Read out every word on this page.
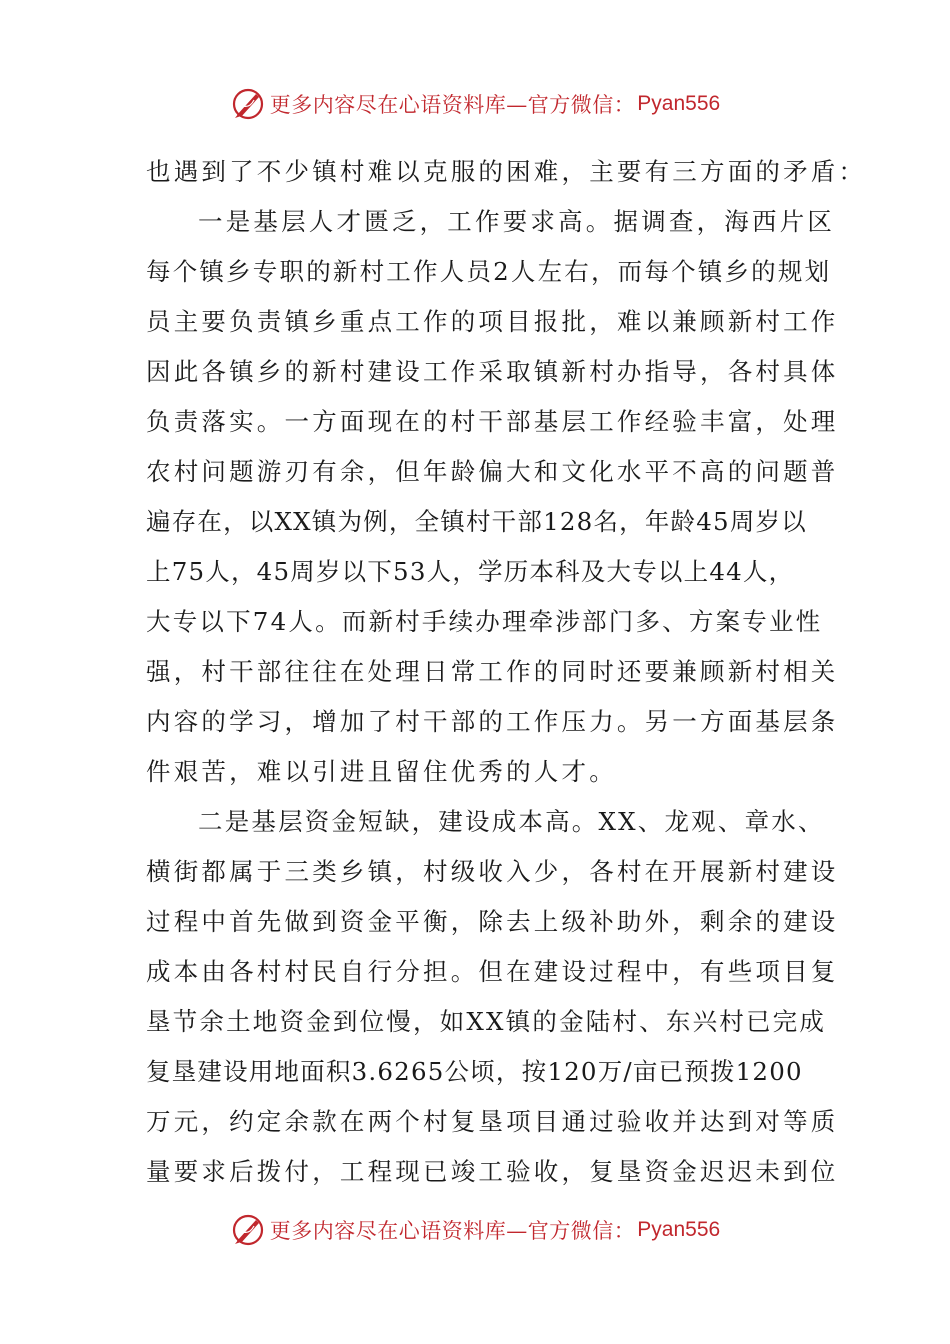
更多内容尽在心语资料库—官方微信： Pyan556
也遇到了不少镇村难以克服的困难，主要有三方面的矛盾：
一是基层人才匮乏，工作要求高。据调查，海西片区
每个镇乡专职的新村工作人员2人左右，而每个镇乡的规划
员主要负责镇乡重点工作的项目报批，难以兼顾新村工作
因此各镇乡的新村建设工作采取镇新村办指导，各村具体
负责落实。一方面现在的村干部基层工作经验丰富，处理
农村问题游刃有余，但年龄偏大和文化水平不高的问题普
遍存在，以XX镇为例，全镇村干部128名，年龄45周岁以
上75人，45周岁以下53人，学历本科及大专以上44人，
大专以下74人。而新村手续办理牵涉部门多、方案专业性
强，村干部往往在处理日常工作的同时还要兼顾新村相关
内容的学习，增加了村干部的工作压力。另一方面基层条
件艰苦，难以引进且留住优秀的人才。
二是基层资金短缺，建设成本高。XX、龙观、章水、
横街都属于三类乡镇，村级收入少，各村在开展新村建设
过程中首先做到资金平衡，除去上级补助外，剩余的建设
成本由各村村民自行分担。但在建设过程中，有些项目复
垦节余土地资金到位慢，如XX镇的金陆村、东兴村已完成
复垦建设用地面积3.6265公顷，按120万/亩已预拨1200
万元，约定余款在两个村复垦项目通过验收并达到对等质
量要求后拨付，工程现已竣工验收，复垦资金迟迟未到位
更多内容尽在心语资料库—官方微信： Pyan556
